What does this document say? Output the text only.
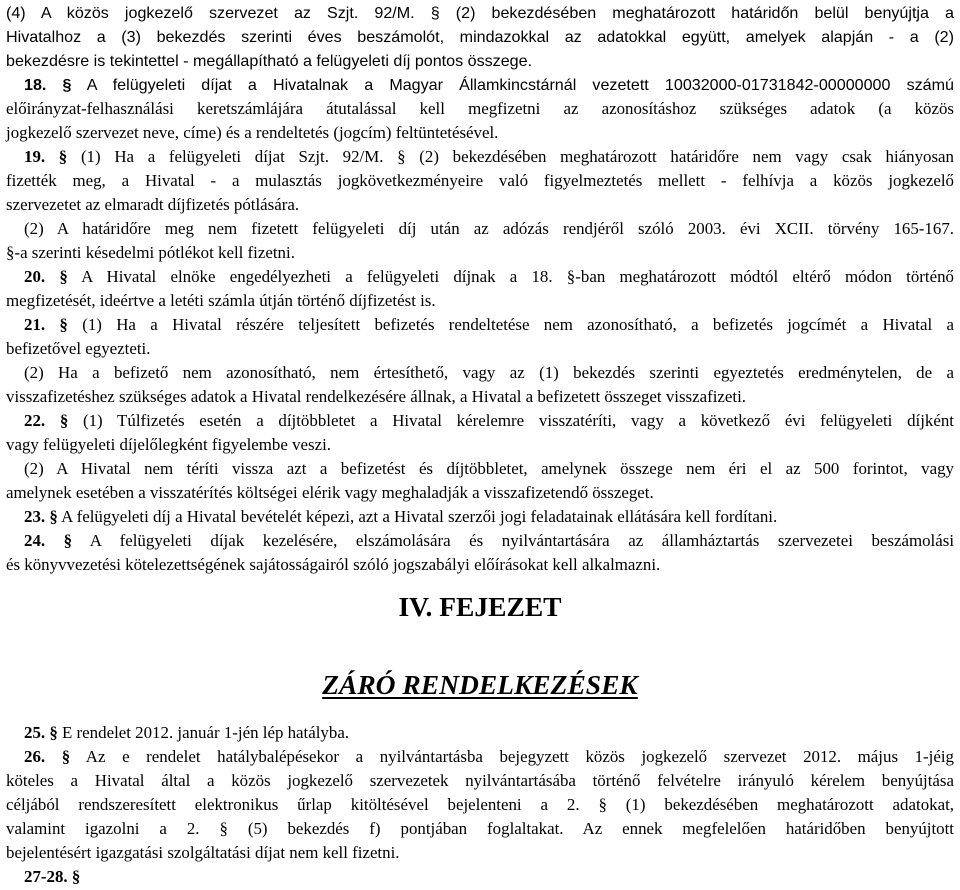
(4) A közös jogkezelő szervezet az Szjt. 92/M. § (2) bekezdésében meghatározott határidőn belül benyújtja a
Hivatalhoz a (3) bekezdés szerinti éves beszámolót, mindazokkal az adatokkal együtt, amelyek alapján - a (2)
bekezdésre is tekintettel - megállapítható a felügyeleti díj pontos összege.
18. § A felügyeleti díjat a Hivatalnak a Magyar Államkincstárnál vezetett 10032000-01731842-00000000 számú
előirányzat-felhasználási keretszámlájára átutalással kell megfizetni az azonosításhoz szükséges adatok (a közös
jogkezelő szervezet neve, címe) és a rendeltetés (jogcím) feltüntetésével.
19. § (1) Ha a felügyeleti díjat Szjt. 92/M. § (2) bekezdésében meghatározott határidőre nem vagy csak hiányosan
fizették meg, a Hivatal - a mulasztás jogkövetkezményeire való figyelmeztetés mellett - felhívja a közös jogkezelő
szervezetet az elmaradt díjfizetés pótlására.
(2) A határidőre meg nem fizetett felügyeleti díj után az adózás rendjéről szóló 2003. évi XCII. törvény 165-167.
§-a szerinti késedelmi pótlékot kell fizetni.
20. § A Hivatal elnöke engedélyezheti a felügyeleti díjnak a 18. §-ban meghatározott módtól eltérő módon történő
megfizetését, ideértve a letéti számla útján történő díjfizetést is.
21. § (1) Ha a Hivatal részére teljesített befizetés rendeltetése nem azonosítható, a befizetés jogcímét a Hivatal a
befizetővel egyezteti.
(2) Ha a befizető nem azonosítható, nem értesíthető, vagy az (1) bekezdés szerinti egyeztetés eredménytelen, de a
visszafizetéshez szükséges adatok a Hivatal rendelkezésére állnak, a Hivatal a befizetett összeget visszafizeti.
22. § (1) Túlfizetés esetén a díjtöbbletet a Hivatal kérelemre visszatéríti, vagy a következő évi felügyeleti díjként
vagy felügyeleti díjelőlegként figyelembe veszi.
(2) A Hivatal nem téríti vissza azt a befizetést és díjtöbbletet, amelynek összege nem éri el az 500 forintot, vagy
amelynek esetében a visszatérítés költségei elérik vagy meghaladják a visszafizetendő összeget.
23. § A felügyeleti díj a Hivatal bevételét képezi, azt a Hivatal szerzői jogi feladatainak ellátására kell fordítani.
24. § A felügyeleti díjak kezelésére, elszámolására és nyilvántartására az államháztartás szervezetei beszámolási
és könyvvezetési kötelezettségének sajátosságairól szóló jogszabályi előírásokat kell alkalmazni.
IV. FEJEZET
ZÁRÓ RENDELKEZÉSEK
25. § E rendelet 2012. január 1-jén lép hatályba.
26. § Az e rendelet hatálybalépésekor a nyilvántartásba bejegyzett közös jogkezelő szervezet 2012. május 1-jéig
köteles a Hivatal által a közös jogkezelő szervezetek nyilvántartásába történő felvételre irányuló kérelem benyújtása
céljából rendszeresített elektronikus űrlap kitöltésével bejelenteni a 2. § (1) bekezdésében meghatározott adatokat,
valamint igazolni a 2. § (5) bekezdés f) pontjában foglaltakat. Az ennek megfelelően határidőben benyújtott
bejelentésért igazgatási szolgáltatási díjat nem kell fizetni.
27-28. §
